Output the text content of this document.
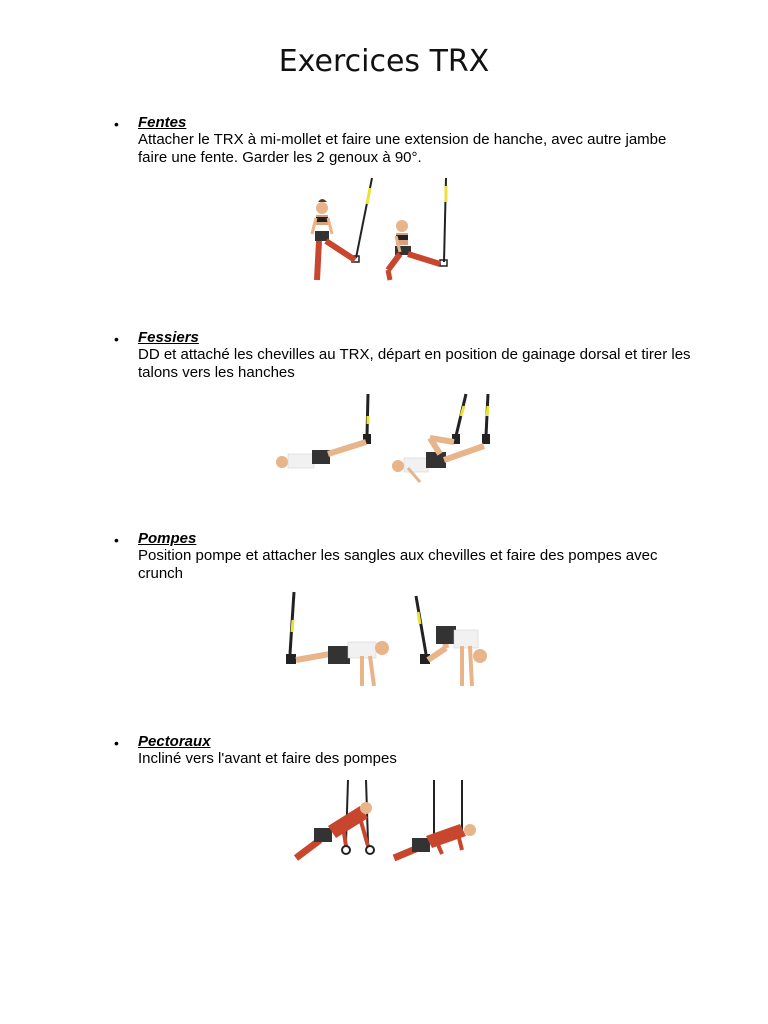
Exercices TRX
• Fentes
Attacher le TRX à mi-mollet et faire une extension de hanche, avec autre jambe faire une fente. Garder les 2 genoux à 90°.
• Fessiers
DD et attaché les chevilles au TRX, départ en position de gainage dorsal et tirer les talons vers les hanches
• Pompes
Position pompe et attacher les sangles aux chevilles et faire des pompes avec crunch
• Pectoraux
Incliné vers l'avant et faire des pompes
